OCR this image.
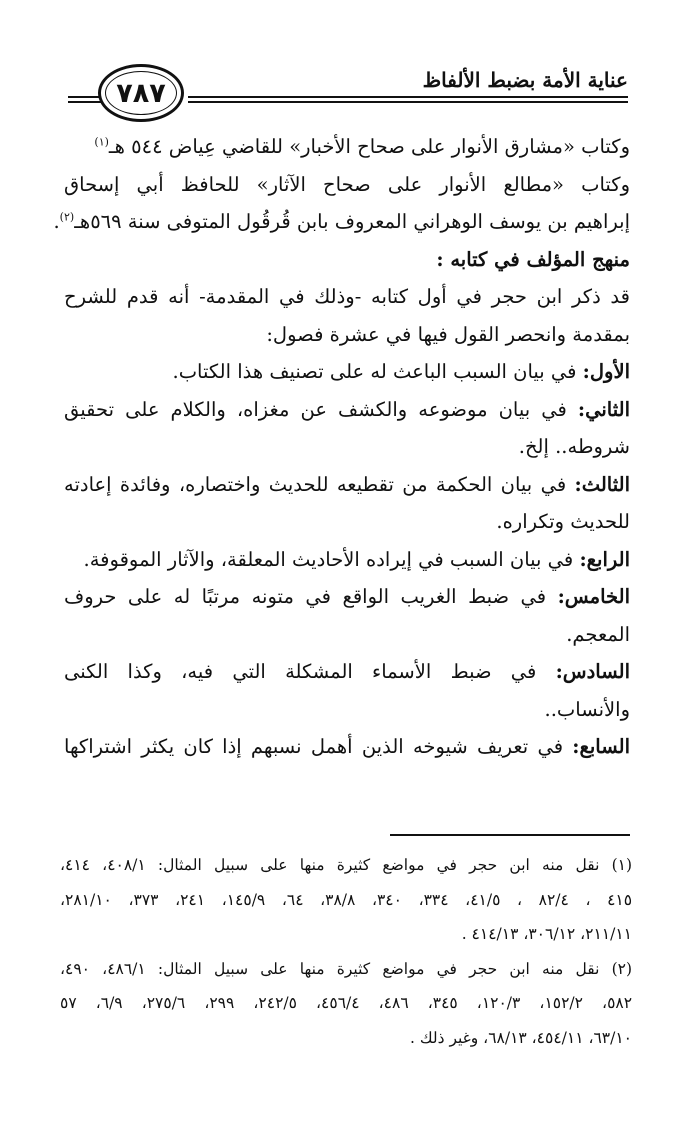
عناية الأمة بضبط الألفاظ
٧٨٧
وكتاب «مشارق الأنوار على صحاح الأخبار» للقاضي عِياض ٥٤٤ هـ$^{(١)}$
وكتاب «مطالع الأنوار على صحاح الآثار» للحافظ أبي إسحاق
إبراهيم بن يوسف الوهراني المعروف بابن قُرقُول المتوفى سنة ٥٦٩هـ$^{(٢)}$.
منهج المؤلف في كتابه :
قد ذكر ابن حجر في أول كتابه -وذلك في المقدمة- أنه قدم للشرح
بمقدمة وانحصر القول فيها في عشرة فصول:
الأول: في بيان السبب الباعث له على تصنيف هذا الكتاب.
الثاني: في بيان موضوعه والكشف عن مغزاه، والكلام على تحقيق
شروطه.. إلخ.
الثالث: في بيان الحكمة من تقطيعه للحديث واختصاره، وفائدة إعادته
للحديث وتكراره.
الرابع: في بيان السبب في إيراده الأحاديث المعلقة، والآثار الموقوفة.
الخامس: في ضبط الغريب الواقع في متونه مرتبًا له على حروف
المعجم.
السادس: في ضبط الأسماء المشكلة التي فيه، وكذا الكنى
والأنساب..
السابع: في تعريف شيوخه الذين أهمل نسبهم إذا كان يكثر اشتراكها
(١) نقل منه ابن حجر في مواضع كثيرة منها على سبيل المثال: ٤٠٨/١، ٤١٤،
٤١٥ ، ٨٢/٤ ، ٤١/٥، ٣٣٤، ٣٤٠، ٣٨/٨، ٦٤، ١٤٥/٩، ٢٤١، ٣٧٣، ٢٨١/١٠،
٢١١/١١، ٣٠٦/١٢، ٤١٤/١٣ .
(٢) نقل منه ابن حجر في مواضع كثيرة منها على سبيل المثال: ٤٨٦/١، ٤٩٠،
٥٨٢، ١٥٢/٢، ١٢٠/٣، ٣٤٥، ٤٨٦، ٤٥٦/٤، ٢٤٢/٥، ٢٩٩، ٢٧٥/٦، ٦/٩، ٥٧
٦٣/١٠، ٤٥٤/١١، ٦٨/١٣، وغير ذلك .
